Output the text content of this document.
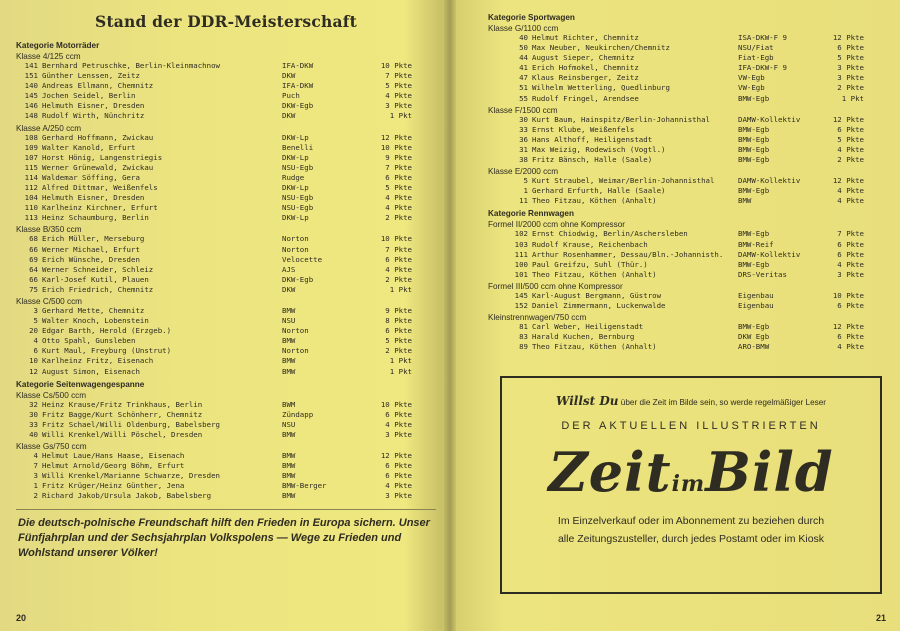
Stand der DDR-Meisterschaft
Kategorie Motorräder
Klasse 4/125 ccm
141 Bernhard Petruschke, Berlin-Kleinmachnow	IFA-DKW	10 Pkte
151 Günther Lenssen, Zeitz	DKW	7 Pkte
140 Andreas Ellmann, Chemnitz	IFA-DKW	5 Pkte
145 Jochen Seidel, Berlin	Puch	4 Pkte
146 Helmuth Eisner, Dresden	DKW-Egb	3 Pkte
148 Rudolf Wirth, Nünchritz	DKW	1 Pkt
Klasse A/250 ccm
108 Gerhard Hoffmann, Zwickau	DKW-Lp	12 Pkte
109 Walter Kanold, Erfurt	Benelli	10 Pkte
107 Horst Hönig, Langenstriegis	DKW-Lp	9 Pkte
115 Werner Grünewald, Zwickau	NSU-Egb	7 Pkte
114 Waldemar Söffing, Gera	Rudge	6 Pkte
112 Alfred Dittmar, Weißenfels	DKW-Lp	5 Pkte
104 Helmuth Eisner, Dresden	NSU-Egb	4 Pkte
110 Karlheinz Kirchner, Erfurt	NSU-Egb	4 Pkte
113 Heinz Schaumburg, Berlin	DKW-Lp	2 Pkte
Klasse B/350 ccm
68 Erich Müller, Merseburg	Norton	10 Pkte
66 Werner Michael, Erfurt	Norton	7 Pkte
69 Erich Wünsche, Dresden	Velocette	6 Pkte
64 Werner Schneider, Schleiz	AJS	4 Pkte
66 Karl-Josef Kutil, Plauen	DKW-Egb	2 Pkte
75 Erich Friedrich, Chemnitz	DKW	1 Pkt
Klasse C/500 ccm
3 Gerhard Mette, Chemnitz	BMW	9 Pkte
5 Walter Knoch, Lobenstein	NSU	8 Pkte
20 Edgar Barth, Herold (Erzgeb.)	Norton	6 Pkte
4 Otto Spahl, Gunsleben	BMW	5 Pkte
6 Kurt Maul, Freyburg (Unstrut)	Norton	2 Pkte
10 Karlheinz Fritz, Eisenach	BMW	1 Pkt
12 August Simon, Eisenach	BMW	1 Pkt
Kategorie Seitenwagengespanne
Klasse Cs/500 ccm
32 Heinz Krause/Fritz Trinkhaus, Berlin	BWM	10 Pkte
30 Fritz Bagge/Kurt Schönherr, Chemnitz	Zündapp	6 Pkte
33 Fritz Schael/Willi Oldenburg, Babelsberg	NSU	4 Pkte
40 Willi Krenkel/Willi Pöschel, Dresden	BMW	3 Pkte
Klasse Gs/750 ccm
4 Helmut Laue/Hans Haase, Eisenach	BMW	12 Pkte
7 Helmut Arnold/Georg Böhm, Erfurt	BMW	6 Pkte
3 Willi Krenkel/Marianne Schwarze, Dresden	BMW	6 Pkte
1 Fritz Krüger/Heinz Günther, Jena	BMW-Berger	4 Pkte
2 Richard Jakob/Ursula Jakob, Babelsberg	BMW	3 Pkte
Die deutsch-polnische Freundschaft hilft den Frieden in Europa sichern. Unser Fünfjahrplan und der Sechsjahrplan Volkspolens — Wege zu Frieden und Wohlstand unserer Völker!
20
Kategorie Sportwagen
Klasse G/1100 ccm
40 Helmut Richter, Chemnitz	ISA-DKW-F 9	12 Pkte
50 Max Neuber, Neukirchen/Chemnitz	NSU/Fiat	6 Pkte
44 August Sieper, Chemnitz	Fiat-Egb	5 Pkte
41 Erich Hofmokel, Chemnitz	IFA-DKW-F 9	3 Pkte
47 Klaus Reinsberger, Zeitz	VW-Egb	3 Pkte
51 Wilhelm Wetterling, Quedlinburg	VW-Egb	2 Pkte
55 Rudolf Fringel, Arendsee	BMW-Egb	1 Pkt
Klasse F/1500 ccm
30 Kurt Baum, Hainspitz/Berlin-Johannisthal	DAMW-Kollektiv	12 Pkte
33 Ernst Klube, Weißenfels	BMW-Egb	6 Pkte
36 Hans Althoff, Heiligenstadt	BMW-Egb	5 Pkte
31 Max Weizig, Rodewisch (Vogtl.)	BMW-Egb	4 Pkte
38 Fritz Bänsch, Halle (Saale)	BMW-Egb	2 Pkte
Klasse E/2000 ccm
5 Kurt Straubel, Weimar/Berlin-Johannisthal	DAMW-Kollektiv	12 Pkte
1 Gerhard Erfurth, Halle (Saale)	BMW-Egb	4 Pkte
11 Theo Fitzau, Köthen (Anhalt)	BMW	4 Pkte
Kategorie Rennwagen
Formel II/2000 ccm ohne Kompressor
102 Ernst Chiodwig, Berlin/Aschersleben	BMW-Egb	7 Pkte
103 Rudolf Krause, Reichenbach	BMW-Reif	6 Pkte
111 Arthur Rosenhammer, Dessau/Bln.-Johannisth.	DAMW-Kollektiv	6 Pkte
100 Paul Greifzu, Suhl (Thür.)	BMW-Egb	4 Pkte
101 Theo Fitzau, Köthen (Anhalt)	DRS-Veritas	3 Pkte
Formel III/500 ccm ohne Kompressor
145 Karl-August Bergmann, Güstrow	Eigenbau	10 Pkte
152 Daniel Zimmermann, Luckenwalde	Eigenbau	6 Pkte
Kleinstrennwagen/750 ccm
81 Carl Weber, Heiligenstadt	BMW-Egb	12 Pkte
83 Harald Kuchen, Bernburg	DKW Egb	6 Pkte
89 Theo Fitzau, Köthen (Anhalt)	ARO-BMW	4 Pkte
21
Willst Du über die Zeit im Bilde sein, so werde regelmäßiger Leser
DER AKTUELLEN ILLUSTRIERTEN
ZeitimBild
Im Einzelverkauf oder im Abonnement zu beziehen durch
alle Zeitungszusteller, durch jedes Postamt oder im Kiosk
